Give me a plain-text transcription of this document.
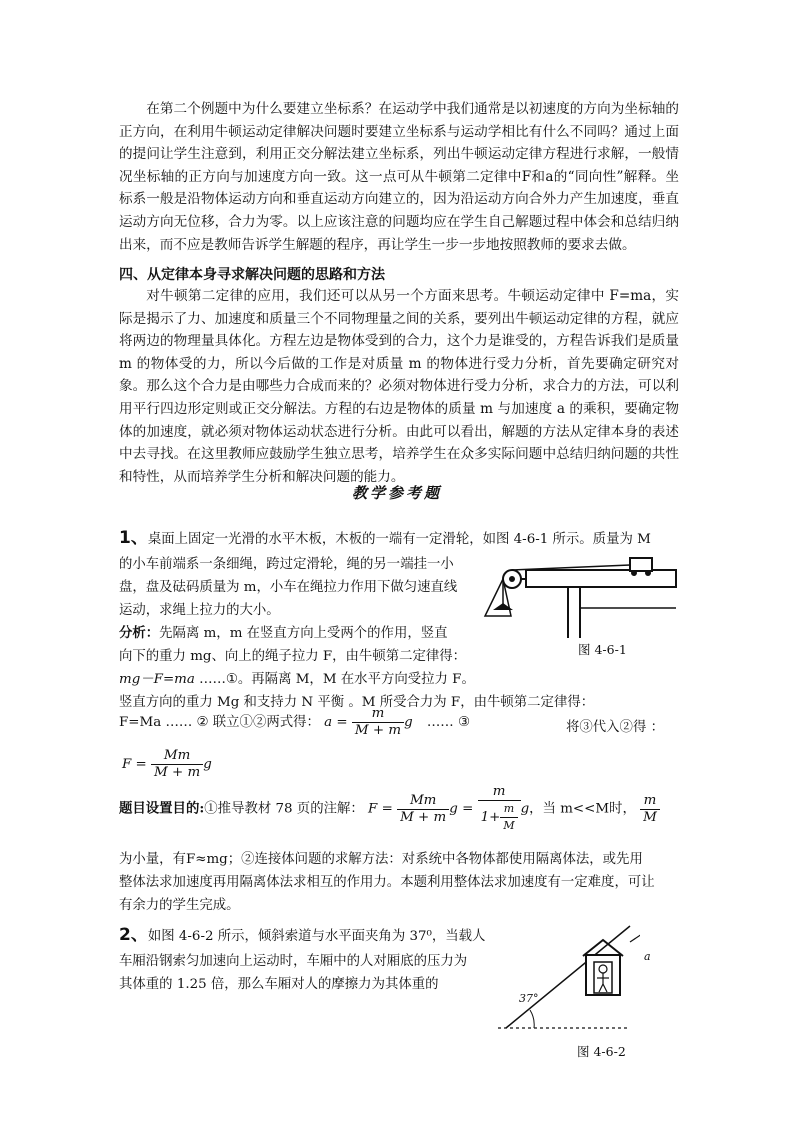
在第二个例题中为什么要建立坐标系？在运动学中我们通常是以初速度的方向为坐标轴的正方向，在利用牛顿运动定律解决问题时要建立坐标系与运动学相比有什么不同吗？通过上面的提问让学生注意到，利用正交分解法建立坐标系，列出牛顿运动定律方程进行求解，一般情况坐标轴的正方向与加速度方向一致。这一点可从牛顿第二定律中F和a的“同向性”解释。坐标系一般是沿物体运动方向和垂直运动方向建立的，因为沿运动方向合外力产生加速度，垂直运动方向无位移，合力为零。以上应该注意的问题均应在学生自己解题过程中体会和总结归纳出来，而不应是教师告诉学生解题的程序，再让学生一步一步地按照教师的要求去做。

四、从定律本身寻求解决问题的思路和方法

对牛顿第二定律的应用，我们还可以从另一个方面来思考。牛顿运动定律中 F=ma，实际是揭示了力、加速度和质量三个不同物理量之间的关系，要列出牛顿运动定律的方程，就应将两边的物理量具体化。方程左边是物体受到的合力，这个力是谁受的，方程告诉我们是质量 m 的物体受的力，所以今后做的工作是对质量 m 的物体进行受力分析，首先要确定研究对象。那么这个合力是由哪些力合成而来的？必须对物体进行受力分析，求合力的方法，可以利用平行四边形定则或正交分解法。方程的右边是物体的质量 m 与加速度 a 的乘积，要确定物体的加速度，就必须对物体运动状态进行分析。由此可以看出，解题的方法从定律本身的表述中去寻找。在这里教师应鼓励学生独立思考，培养学生在众多实际问题中总结归纳问题的共性和特性，从而培养学生分析和解决问题的能力。

教学参考题
1、桌面上固定一光滑的水平木板，木板的一端有一定滑轮，如图 4-6-1 所示。质量为 M
的小车前端系一条细绳，跨过定滑轮，绳的另一端挂一小
盘，盘及砝码质量为 m，小车在绳拉力作用下做匀速直线
运动，求绳上拉力的大小。
分析：先隔离 m，m 在竖直方向上受两个的作用，竖直
向下的重力 mg、向上的绳子拉力 F，由牛顿第二定律得：
mg－F=ma ……①。再隔离 M，M 在水平方向受拉力 F。
竖直方向的重力 Mg 和支持力 N 平衡 。M 所受合力为 F，由牛顿第二定律得：
F=Ma …… ② 联立①②两式得： $a = \frac{m}{M + m}$ g …… ③	将③代入②得 ：
$F = \frac{Mm}{M + m}$ g
图 4-6-1
题目设置目的:①推导教材 78 页的注解： $F = \frac{Mm}{M + m}$ $g = \frac{m}{1+ \frac{m}{M}}$ g，当 m<<M时， $\frac{m}{M}$
为小量，有F≈mg；②连接体问题的求解方法：对系统中各物体都使用隔离体法，或先用
整体法求加速度再用隔离体法求相互的作用力。本题利用整体法求加速度有一定难度，可让
有余力的学生完成。
2、如图 4-6-2 所示，倾斜索道与水平面夹角为 37⁰，当载人
车厢沿钢索匀加速向上运动时，车厢中的人对厢底的压力为
其体重的 1.25 倍，那么车厢对人的摩擦力为其体重的
37°
a
图 4-6-2
